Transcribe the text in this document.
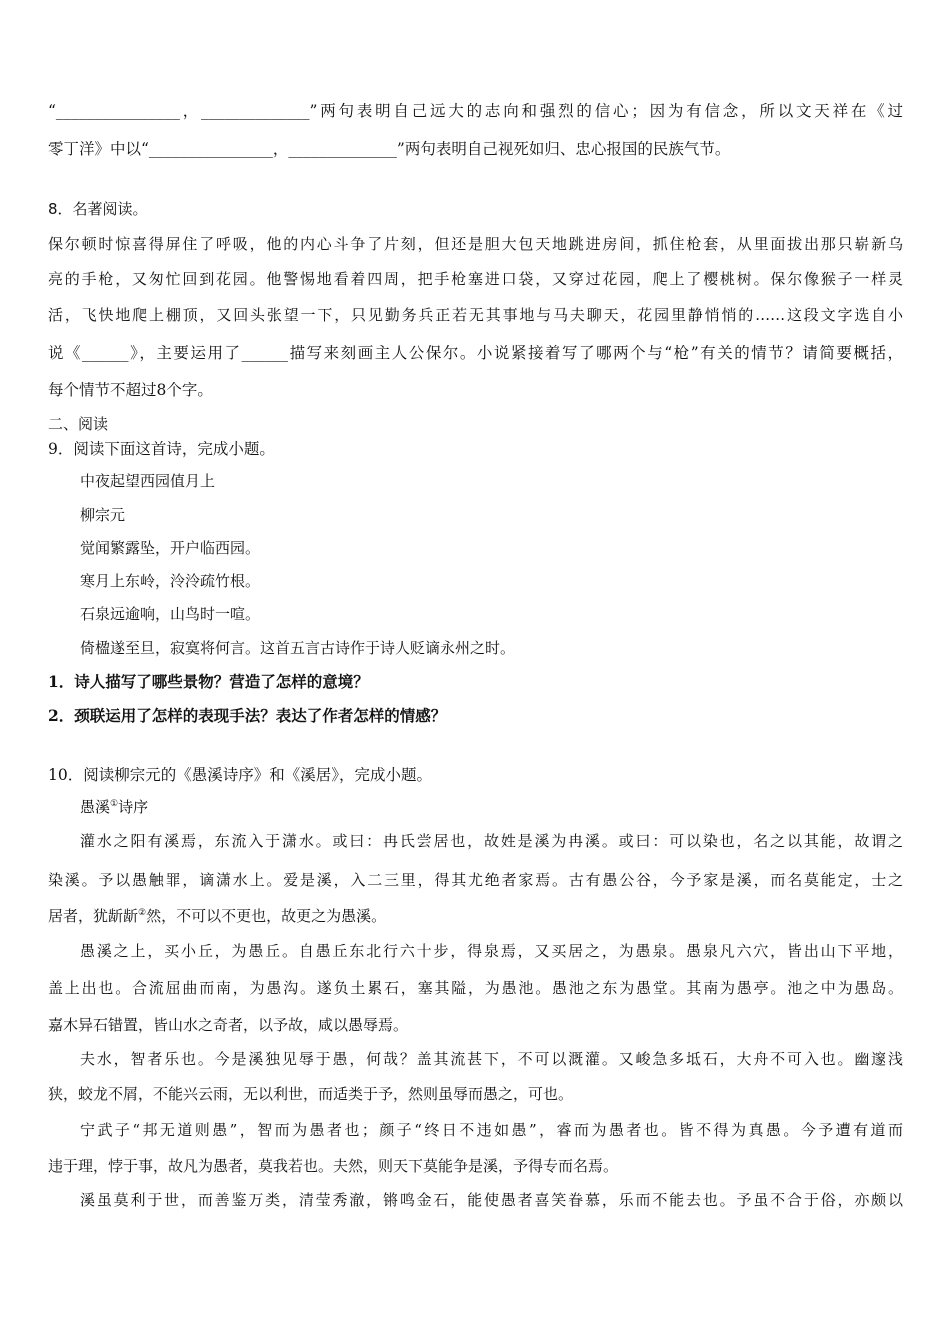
“________________，______________”两句表明自己远大的志向和强烈的信心；因为有信念，所以文天祥在《过
零丁洋》中以“________________，______________”两句表明自己视死如归、忠心报国的民族气节。
8．名著阅读。
保尔顿时惊喜得屏住了呼吸，他的内心斗争了片刻，但还是胆大包天地跳进房间，抓住枪套，从里面拔出那只崭新乌
亮的手枪，又匆忙回到花园。他警惕地看着四周，把手枪塞进口袋，又穿过花园，爬上了樱桃树。保尔像猴子一样灵
活，飞快地爬上棚顶，又回头张望一下，只见勤务兵正若无其事地与马夫聊天，花园里静悄悄的……这段文字选自小
说《______》，主要运用了______描写来刻画主人公保尔。小说紧接着写了哪两个与“枪”有关的情节？请简要概括，
每个情节不超过8个字。
二、阅读
9．阅读下面这首诗，完成小题。
中夜起望西园值月上
柳宗元
觉闻繁露坠，开户临西园。
寒月上东岭，泠泠疏竹根。
石泉远逾响，山鸟时一喧。
倚楹遂至旦，寂寞将何言。这首五言古诗作于诗人贬谪永州之时。
1．诗人描写了哪些景物？营造了怎样的意境？
2．颈联运用了怎样的表现手法？表达了作者怎样的情感？
10．阅读柳宗元的《愚溪诗序》和《溪居》，完成小题。
愚溪①诗序
灌水之阳有溪焉，东流入于潇水。或曰：冉氏尝居也，故姓是溪为冉溪。或曰：可以染也，名之以其能，故谓之
染溪。予以愚触罪，谪潇水上。爱是溪，入二三里，得其尤绝者家焉。古有愚公谷，今予家是溪，而名莫能定，士之
居者，犹龂龂②然，不可以不更也，故更之为愚溪。
愚溪之上，买小丘，为愚丘。自愚丘东北行六十步，得泉焉，又买居之，为愚泉。愚泉凡六穴，皆出山下平地，
盖上出也。合流屈曲而南，为愚沟。遂负土累石，塞其隘，为愚池。愚池之东为愚堂。其南为愚亭。池之中为愚岛。
嘉木异石错置，皆山水之奇者，以予故，咸以愚辱焉。
夫水，智者乐也。今是溪独见辱于愚，何哉？盖其流甚下，不可以溉灌。又峻急多坻石，大舟不可入也。幽邃浅
狭，蛟龙不屑，不能兴云雨，无以利世，而适类于予，然则虽辱而愚之，可也。
宁武子“邦无道则愚”，智而为愚者也；颜子“终日不违如愚”，睿而为愚者也。皆不得为真愚。今予遭有道而
违于理，悖于事，故凡为愚者，莫我若也。夫然，则天下莫能争是溪，予得专而名焉。
溪虽莫利于世，而善鉴万类，清莹秀澈，锵鸣金石，能使愚者喜笑眷慕，乐而不能去也。予虽不合于俗，亦颇以
